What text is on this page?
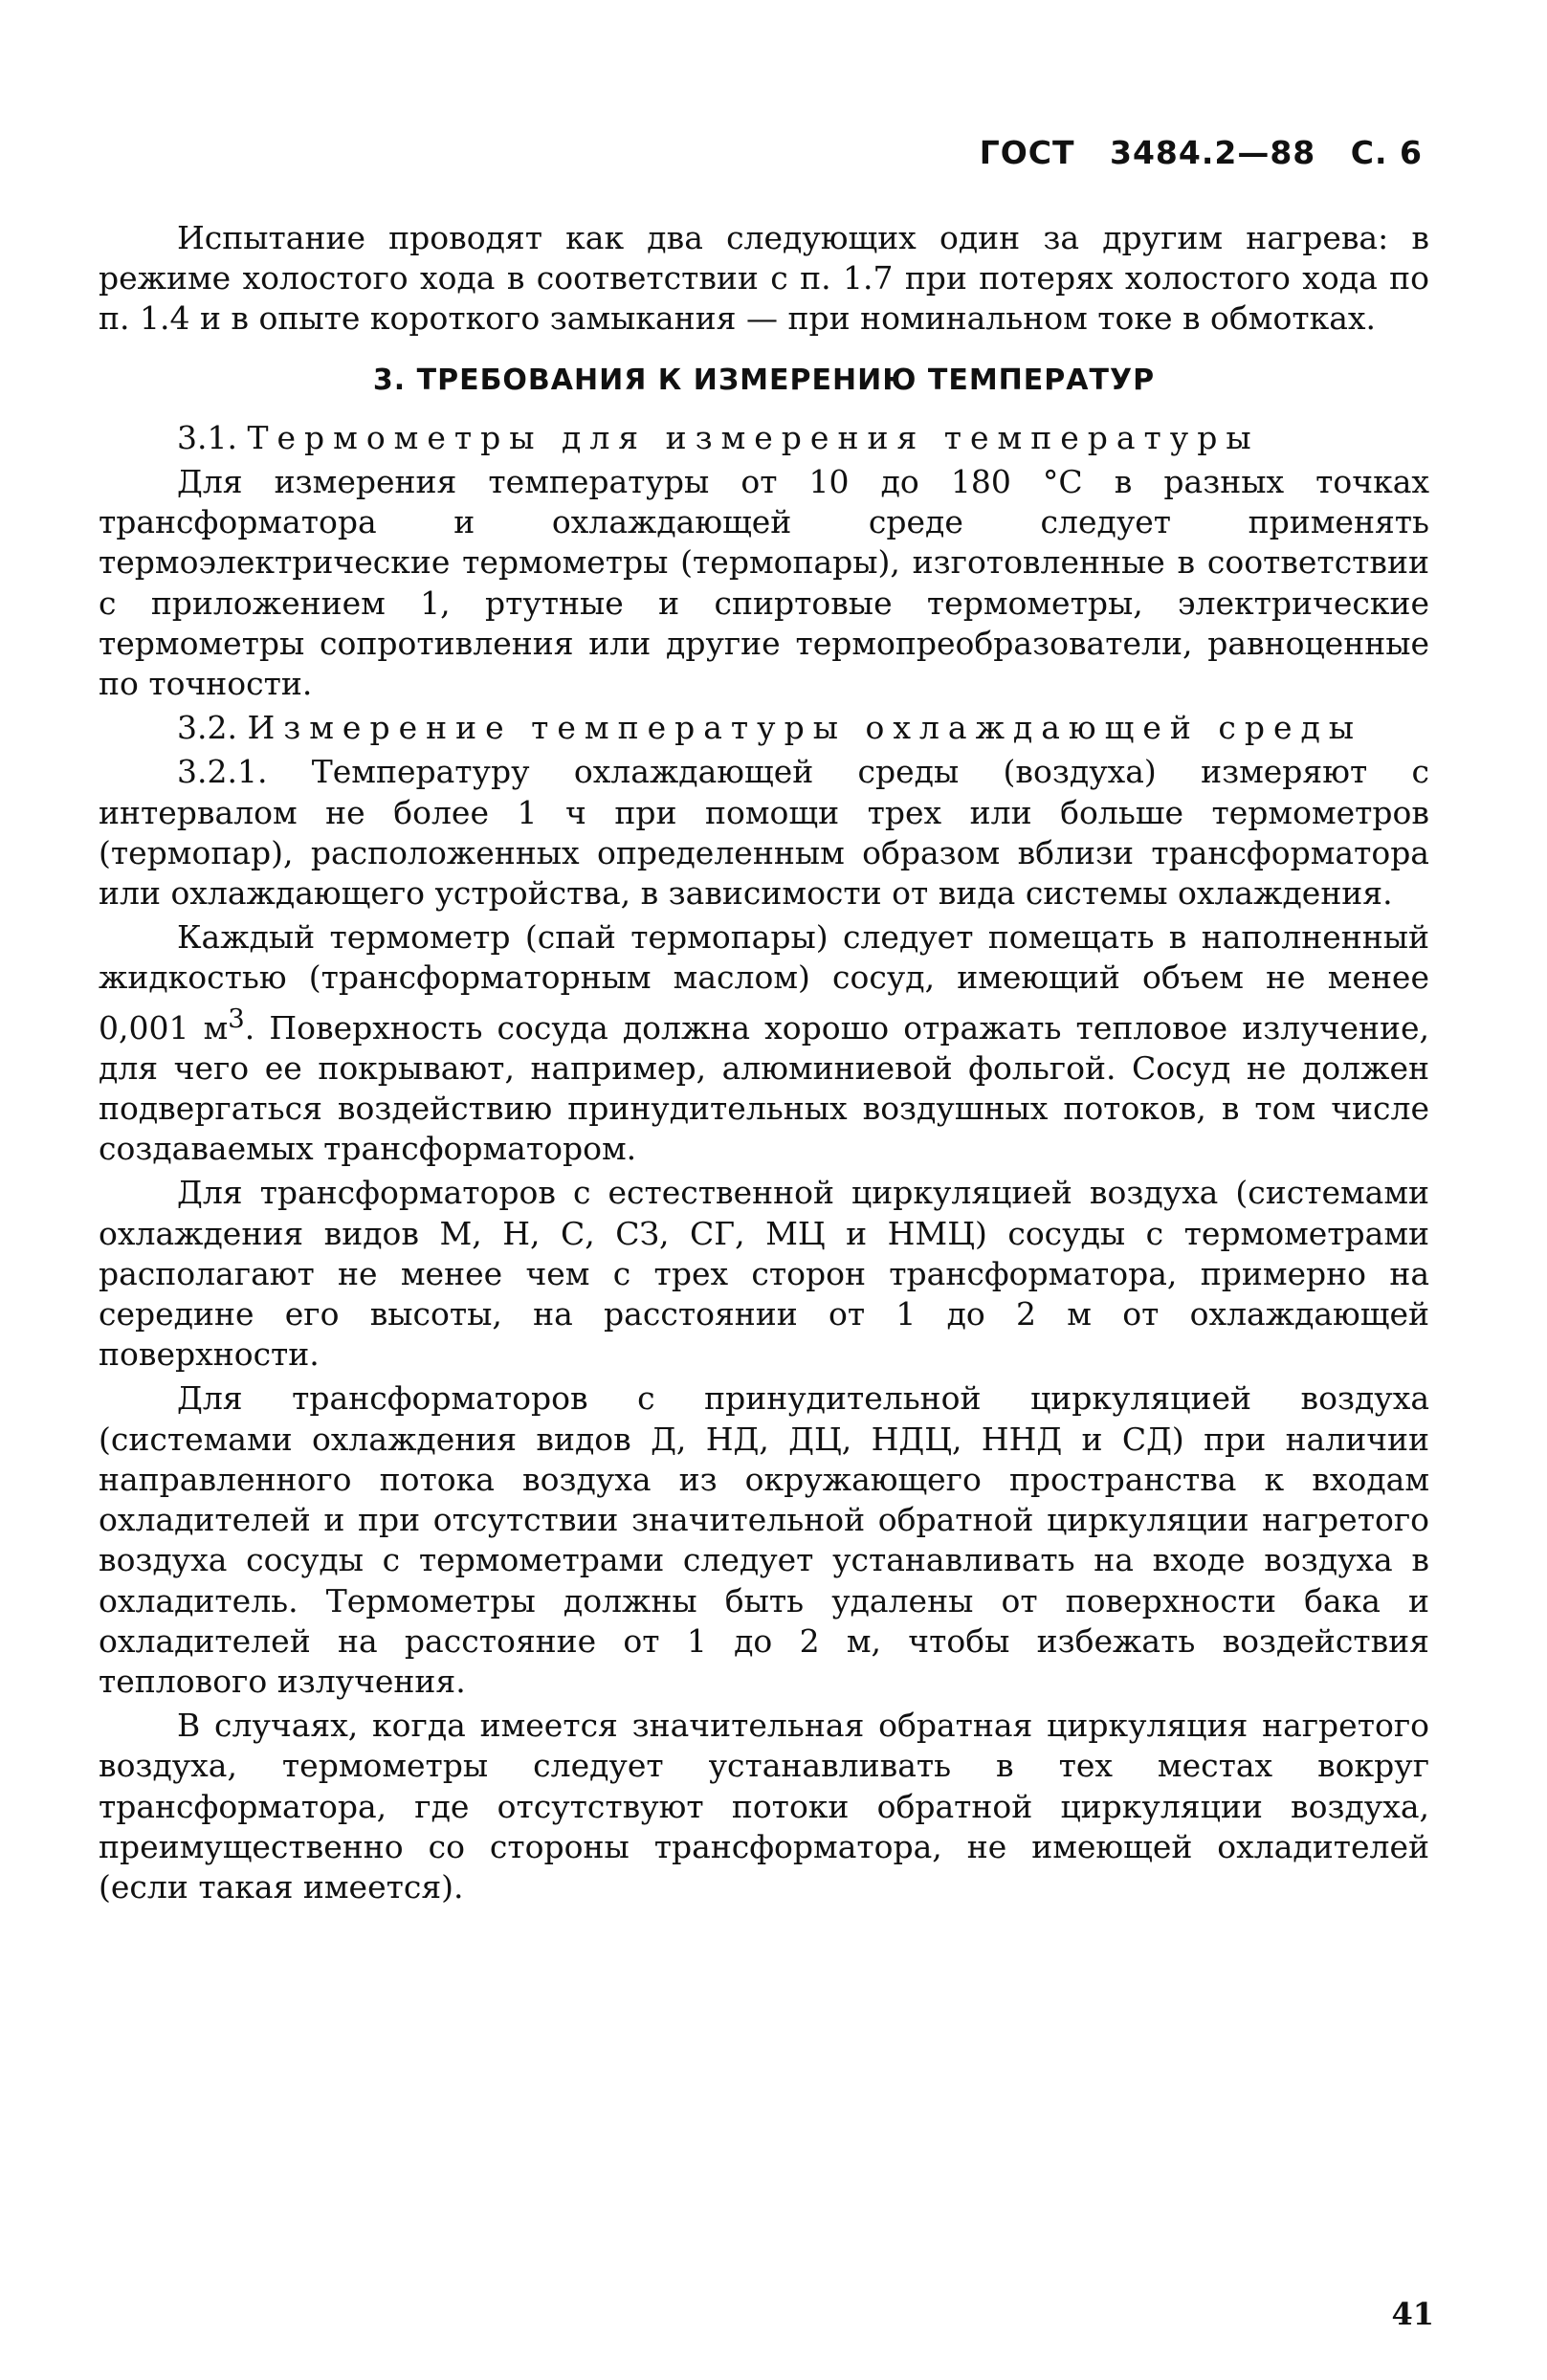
ГОСТ 3484.2—88 С. 6

Испытание проводят как два следующих один за другим нагрева: в режиме холостого хода в соответствии с п. 1.7 при потерях холостого хода по п. 1.4 и в опыте короткого замыкания — при номинальном токе в обмотках.

3. ТРЕБОВАНИЯ К ИЗМЕРЕНИЮ ТЕМПЕРАТУР

3.1. Термометры для измерения температуры

Для измерения температуры от 10 до 180 °С в разных точках трансформатора и охлаждающей среде следует применять термоэлектрические термометры (термопары), изготовленные в соответствии с приложением 1, ртутные и спиртовые термометры, электрические термометры сопротивления или другие термопреобразователи, равноценные по точности.

3.2. Измерение температуры охлаждающей среды

3.2.1. Температуру охлаждающей среды (воздуха) измеряют с интервалом не более 1 ч при помощи трех или больше термометров (термопар), расположенных определенным образом вблизи трансформатора или охлаждающего устройства, в зависимости от вида системы охлаждения.

Каждый термометр (спай термопары) следует помещать в наполненный жидкостью (трансформаторным маслом) сосуд, имеющий объем не менее 0,001 $м^3$. Поверхность сосуда должна хорошо отражать тепловое излучение, для чего ее покрывают, например, алюминиевой фольгой. Сосуд не должен подвергаться воздействию принудительных воздушных потоков, в том числе создаваемых трансформатором.

Для трансформаторов с естественной циркуляцией воздуха (системами охлаждения видов М, Н, С, СЗ, СГ, МЦ и НМЦ) сосуды с термометрами располагают не менее чем с трех сторон трансформатора, примерно на середине его высоты, на расстоянии от 1 до 2 м от охлаждающей поверхности.

Для трансформаторов с принудительной циркуляцией воздуха (системами охлаждения видов Д, НД, ДЦ, НДЦ, ННД и СД) при наличии направленного потока воздуха из окружающего пространства к входам охладителей и при отсутствии значительной обратной циркуляции нагретого воздуха сосуды с термометрами следует устанавливать на входе воздуха в охладитель. Термометры должны быть удалены от поверхности бака и охладителей на расстояние от 1 до 2 м, чтобы избежать воздействия теплового излучения.

В случаях, когда имеется значительная обратная циркуляция нагретого воздуха, термометры следует устанавливать в тех местах вокруг трансформатора, где отсутствуют потоки обратной циркуляции воздуха, преимущественно со стороны трансформатора, не имеющей охладителей (если такая имеется).

41
